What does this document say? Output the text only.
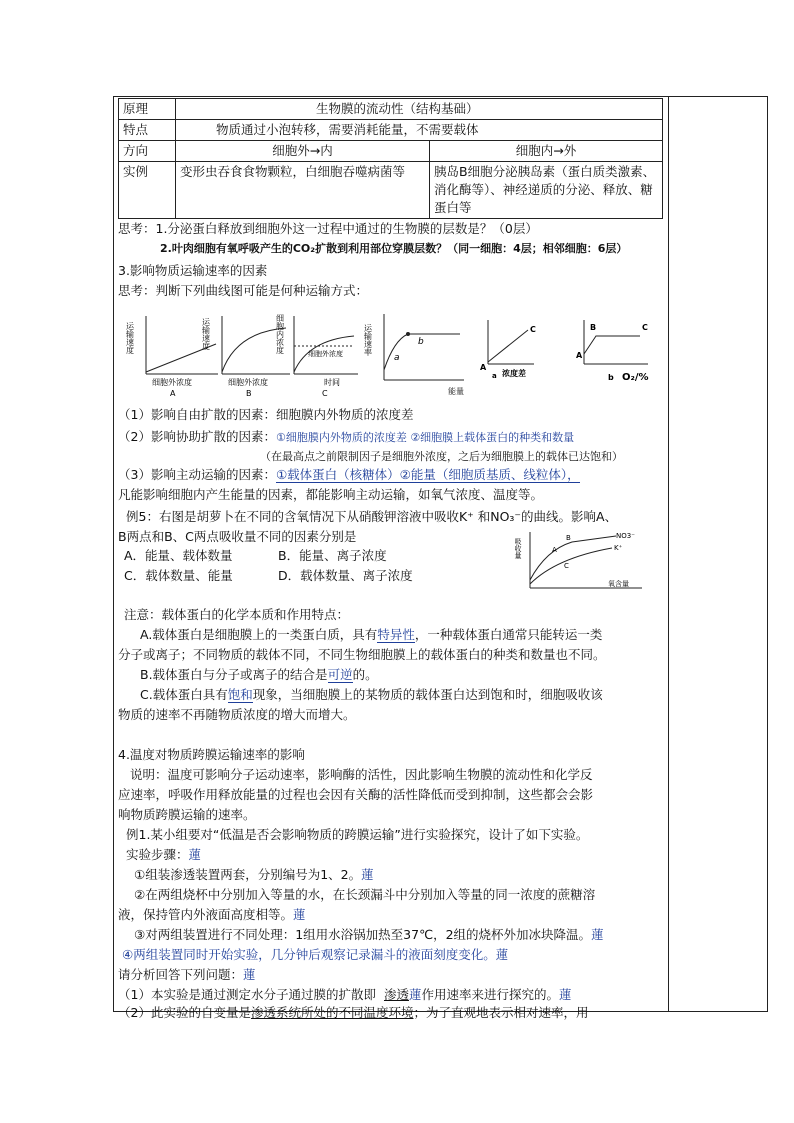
原理	生物膜的流动性（结构基础）	
特点	物质通过小泡转移，需要消耗能量，不需要载体	
方向	细胞外→内	细胞内→外
实例	变形虫吞食食物颗粒，白细胞吞噬病菌等	胰岛B细胞分泌胰岛素（蛋白质类激素、消化酶等）、神经递质的分泌、释放、糖蛋白等
思考：1.分泌蛋白释放到细胞外这一过程中通过的生物膜的层数是？（0层）
2.叶肉细胞有氧呼吸产生的CO₂扩散到利用部位穿膜层数？（同一细胞：4层；相邻细胞：6层）
3.影响物质运输速率的因素
思考：判断下列曲线图可能是何种运输方式：
运输速度
细胞外浓度
A
运输速度
细胞外浓度
B
细胞内浓度	细胞外浓度
时间
C
运输速率
a
b
能量
A
C
a 浓度差
A
B	C
b O₂/%
（1）影响自由扩散的因素：细胞膜内外物质的浓度差
（2）影响协助扩散的因素：①细胞膜内外物质的浓度差 ②细胞膜上载体蛋白的种类和数量
（在最高点之前限制因子是细胞外浓度，之后为细胞膜上的载体已达饱和）
（3）影响主动运输的因素：①载体蛋白（核糖体）②能量（细胞质基质、线粒体），
凡能影响细胞内产生能量的因素，都能影响主动运输，如氧气浓度、温度等。
例5：右图是胡萝卜在不同的含氧情况下从硝酸钾溶液中吸收K⁺ 和NO₃⁻的曲线。影响A、
B两点和B、C两点吸收量不同的因素分别是
A．能量、载体数量	B．能量、离子浓度
C．载体数量、能量	D．载体数量、离子浓度
吸收量	B
A
C
NO3⁻
K⁺
氧含量
注意：载体蛋白的化学本质和作用特点：
A.载体蛋白是细胞膜上的一类蛋白质，具有特异性，一种载体蛋白通常只能转运一类
分子或离子；不同物质的载体不同，不同生物细胞膜上的载体蛋白的种类和数量也不同。
B.载体蛋白与分子或离子的结合是可逆的。
C.载体蛋白具有饱和现象，当细胞膜上的某物质的载体蛋白达到饱和时，细胞吸收该
物质的速率不再随物质浓度的增大而增大。
4.温度对物质跨膜运输速率的影响
说明：温度可影响分子运动速率，影响酶的活性，因此影响生物膜的流动性和化学反
应速率，呼吸作用释放能量的过程也会因有关酶的活性降低而受到抑制，这些都会会影
响物质跨膜运输的速率。
例1.某小组要对“低温是否会影响物质的跨膜运输”进行实验探究，设计了如下实验。
实验步骤：蓮
①组装渗透装置两套，分别编号为1、2。蓮
②在两组烧杯中分别加入等量的水，在长颈漏斗中分别加入等量的同一浓度的蔗糖溶
液，保持管内外液面高度相等。蓮
③对两组装置进行不同处理：1组用水浴锅加热至37℃，2组的烧杯外加冰块降温。蓮
④两组装置同时开始实验，几分钟后观察记录漏斗的液面刻度变化。蓮
请分析回答下列问题：蓮
（1）本实验是通过测定水分子通过膜的扩散即 渗透蓮作用速率来进行探究的。蓮
（2）此实验的自变量是渗透系统所处的不同温度环境；为了直观地表示相对速率，用
